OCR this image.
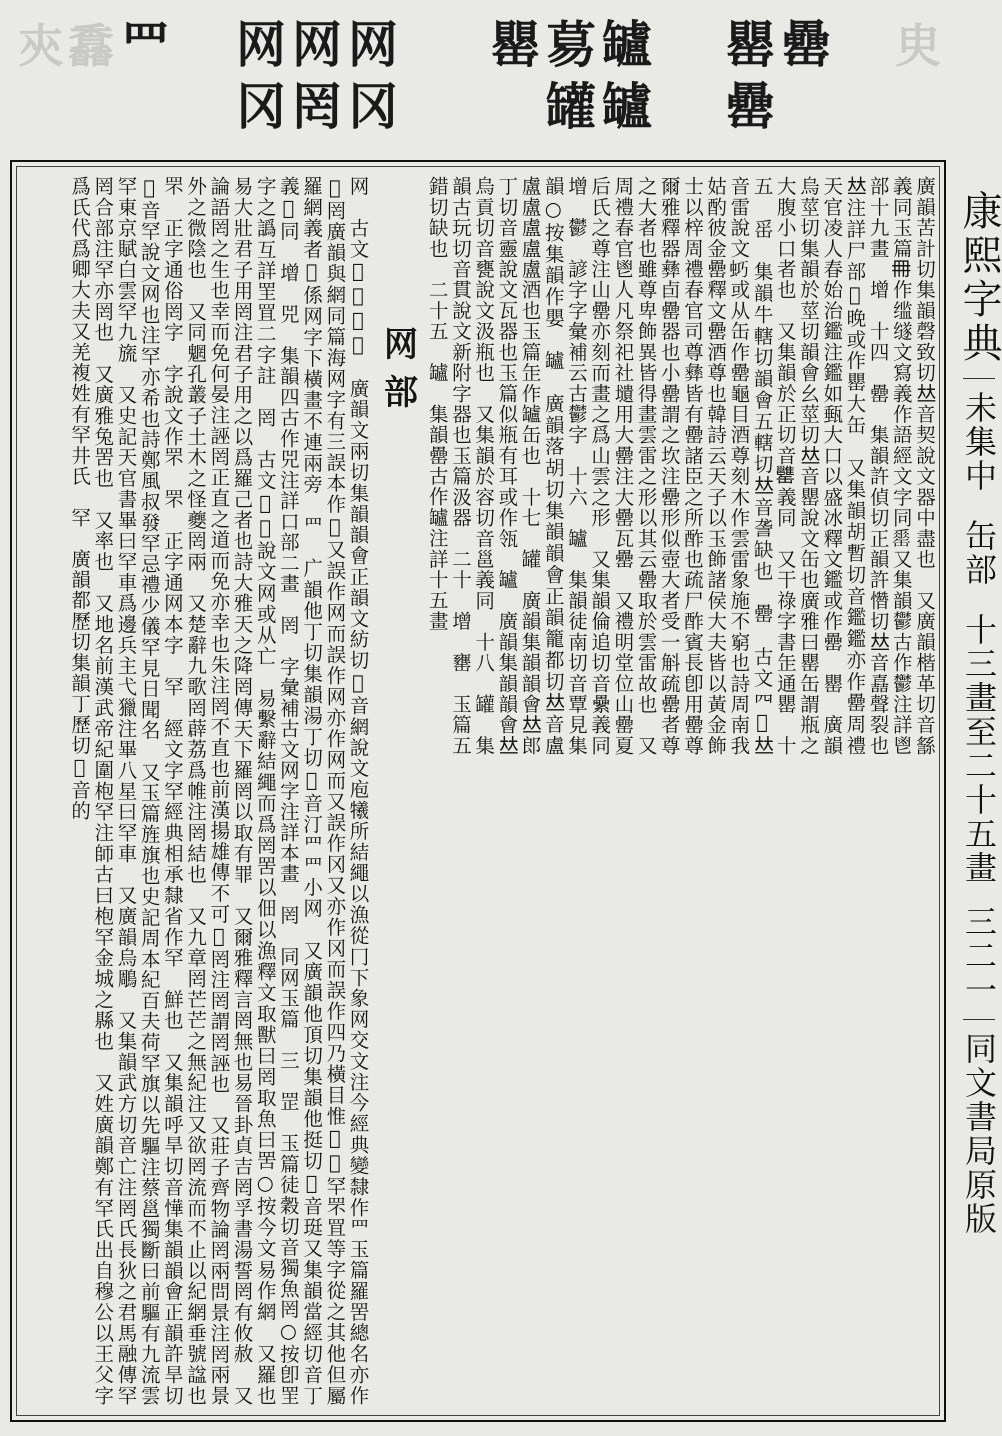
㚒馫	㬰
网
冈
网
罔
网
冈
罒	罏
罏
䓪
罐
罌	罍
罌
罍
康熙字典
未集中
缶部
十三畫至二十五畫
三二一
同文書局原版

廣韻苦計切集韻磬致切𠀤音契說文器中盡也　又廣韻楷革切音䌛義同玉篇𠕋作䍀䍁文寫義作語經文字同𦉈又集韻鬱古作鬱注詳鬯部十九畫　增　十四　罍　集韻許偵切正韻許㦧切𠀤音嚞聲裂也𠀤注詳尸部𦉊晚或作罌大缶　又集韻胡暫切音鑑鑑亦作罍周禮天官凌人春始治鑑注鑑如甀大口以盛冰釋文鑑或作罍　罌　廣韻烏莖切集韻於莖切韻會幺莖切𠀤音罌說文缶也廣雅曰罌缶謂瓶之大腹小口者也　又集韻於正切音𦉥義同　又干祿字書𦈢通罌　十五　䍃　集韻牛轄切韻會五轄切𠀤音詟缺也　罍　古文𦉪𦉛𠀤音雷說文𧊌或从缶作罍龜目酒尊刻木作雲雷象施不窮也詩周南我姑酌彼金罍釋文罍酒尊也韓詩云天子以玉飾諸侯大夫皆以黃金飾士以梓周禮春官司尊彝皆有罍諸臣之所酢也疏尸酢賓長卽用罍尊爾雅釋器彝卣罍器也小罍謂之坎注罍形似壺大者受一斛疏罍者尊之大者也雖尊卑飾異皆得畫雲雷之形以其云罍取於雲雷故也　又周禮春官鬯人凡祭祀社壝用大罍注大罍瓦罍　又禮明堂位山罍夏后氏之尊注山罍亦刻而畫之爲山雲之形　又集韻倫追切音纍義同　增　鬱　諺字字彙補云古鬱字　十六　罏　集韻徒南切音覃見集韻○按集韻作嬰　罏　廣韻落胡切集韻韻會正韻籠都切𠀤音盧盧盧盧盧盧酒也玉篇𦈢作罏缶也　十七　罐　廣韻集韻韻會𠀤郎丁切音靈說文瓦器也玉篇似瓶有耳或作瓴　罏　廣韻集韻韻會𠀤烏貢切音甕說文汲瓶也　又集韻於容切音邕義同　十八　罐　集韻古玩切音貫說文新附字器也玉篇汲器　二十　增　罋　玉篇五錯切缺也　二十五　罏　集韻罍古作罏注詳十五畫

网部

网　古文𦉲𦉳𦉴𦉵　廣韻文兩切集韻韻會正韻文紡切𠀤音網說文庖犧所結繩以漁從冂下象网交文注今經典變隸作罒玉篇羅罟總名亦作𦉸罔廣韻與網同篇海网字有三誤本作𦉵又誤作网而誤作网亦作网而又誤作冈又亦作冈而誤作四乃橫目惟𦉶𦉸罕罘罝等字從之其他但屬羅網義者𠀤係网字下橫畫不連兩旁　罒　广韻他丁切集韻湯丁切𠀤音汀罒罒小网　又廣韻他頂切集韻他挺切𠀤音珽又集韻當經切音丁義𠀤同　增　兕　集韻四古作兕注詳口部二畫　罔　字彙補古文网字注詳本畫　罔　同网玉篇　三　罡　玉篇徒穀切音獨魚罔○按卽罜字之譌互詳罜罝二字註　罔　古文𠕁𠕂說文网或从亡　易繫辭結繩而爲罔罟以佃以漁釋文取獸曰罔取魚曰罟○按今文易作網　又羅也易大壯君子用罔注君子用之以爲羅己者也詩大雅天之降罔傳天下羅罔以取有罪　又爾雅釋言罔無也易晉卦貞吉罔孚書湯誓罔有攸赦　又論語罔之生也幸而免何晏注誣罔正直之道而免亦幸也朱注罔不直也前漢揚雄傳不可𦉼罔注罔謂罔誣也　又莊子齊物論罔兩問景注罔兩景外之微陰也　又同魍孔叢子土木之怪夔罔兩　又楚辭九歌罔薜荔爲帷注罔結也　又九章罔芒芒之無紀注又欲罔流而不止以紀網垂號諡也　罘　正字通俗罔字　字說文作罘　罘　正字通网本字　罕　經文字罕經典相承隸省作罕　鮮也　又集韻呼旱切音㦊集韻韻會正韻許旱切𠀤音罕說文网也注罕亦希也詩鄭風叔發罕忌禮少儀罕見日聞名　又玉篇旌旗也史記周本紀百夫荷罕旗以先驅注蔡邕獨斷曰前驅有九流雲罕東京賦白雲罕九旒　又史記天官書畢曰罕車爲邊兵主弋獵注畢八星曰罕車　又廣韻烏鵰　又集韻武方切音亡注罔氏長狄之君馬融傳罕罔合部注罕亦罔也　又廣雅兔罟也　又率也　又地名前漢武帝紀圍枹罕注師古曰枹罕金城之縣也　又姓廣韻鄭有罕氏出自穆公以王父字爲氏代爲卿大夫又羌複姓有罕井氏　罕　廣韻都歷切集韻丁歷切𠀤音的
